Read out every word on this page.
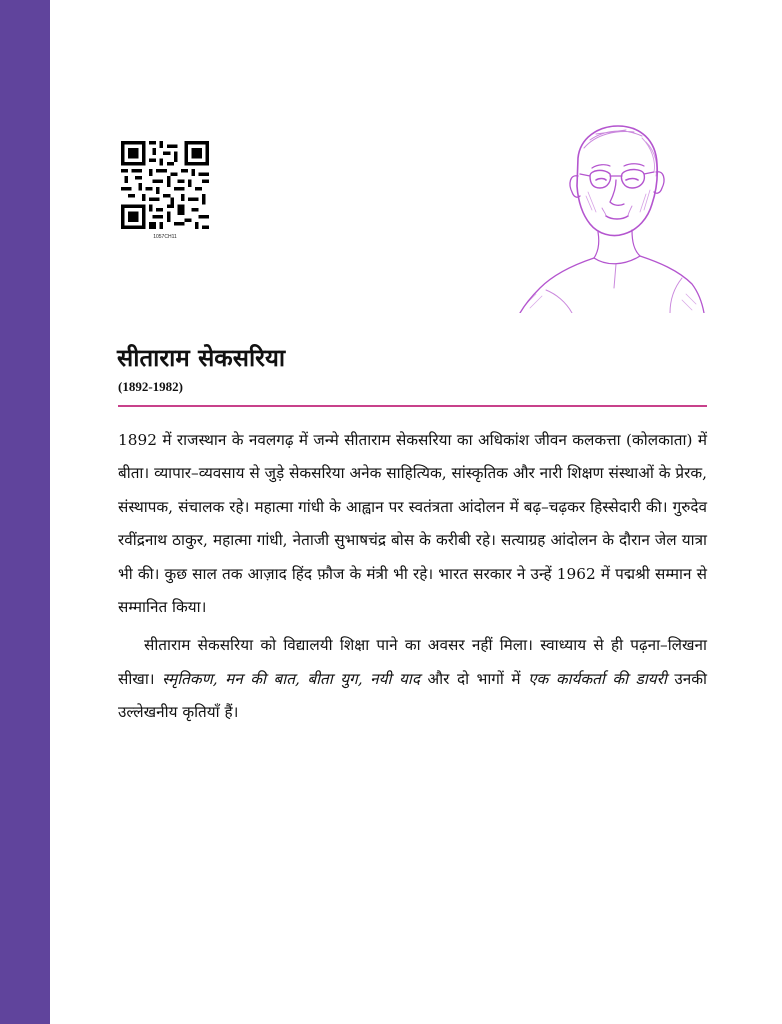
1057CH11
सीताराम सेकसरिया
(1892-1982)

1892 में राजस्थान के नवलगढ़ में जन्मे सीताराम सेकसरिया का अधिकांश जीवन कलकत्ता (कोलकाता) में बीता। व्यापार–व्यवसाय से जुड़े सेकसरिया अनेक साहित्यिक, सांस्कृतिक और नारी शिक्षण संस्थाओं के प्रेरक, संस्थापक, संचालक रहे। महात्मा गांधी के आह्वान पर स्वतंत्रता आंदोलन में बढ़–चढ़कर हिस्सेदारी की। गुरुदेव रवींद्रनाथ ठाकुर, महात्मा गांधी, नेताजी सुभाषचंद्र बोस के करीबी रहे। सत्याग्रह आंदोलन के दौरान जेल यात्रा भी की। कुछ साल तक आज़ाद हिंद फ़ौज के मंत्री भी रहे। भारत सरकार ने उन्हें 1962 में पद्मश्री सम्मान से सम्मानित किया।

सीताराम सेकसरिया को विद्यालयी शिक्षा पाने का अवसर नहीं मिला। स्वाध्याय से ही पढ़ना–लिखना सीखा। स्मृतिकण, मन की बात, बीता युग, नयी याद और दो भागों में एक कार्यकर्ता की डायरी उनकी उल्लेखनीय कृतियाँ हैं।
